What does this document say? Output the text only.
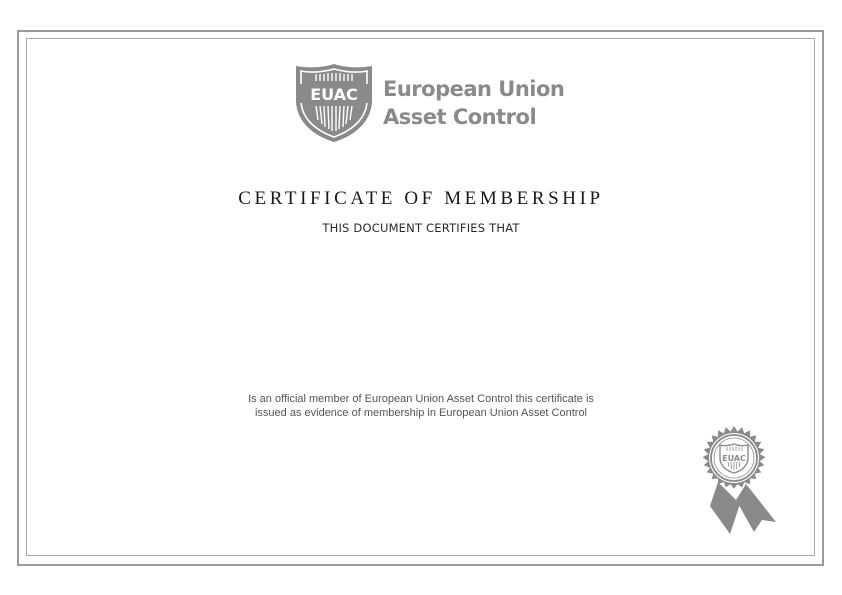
EUAC European Union
Asset Control
CERTIFICATE OF MEMBERSHIP
THIS DOCUMENT CERTIFIES THAT
Is an official member of European Union Asset Control this certificate is
issued as evidence of membership in European Union Asset Control
EUAC
